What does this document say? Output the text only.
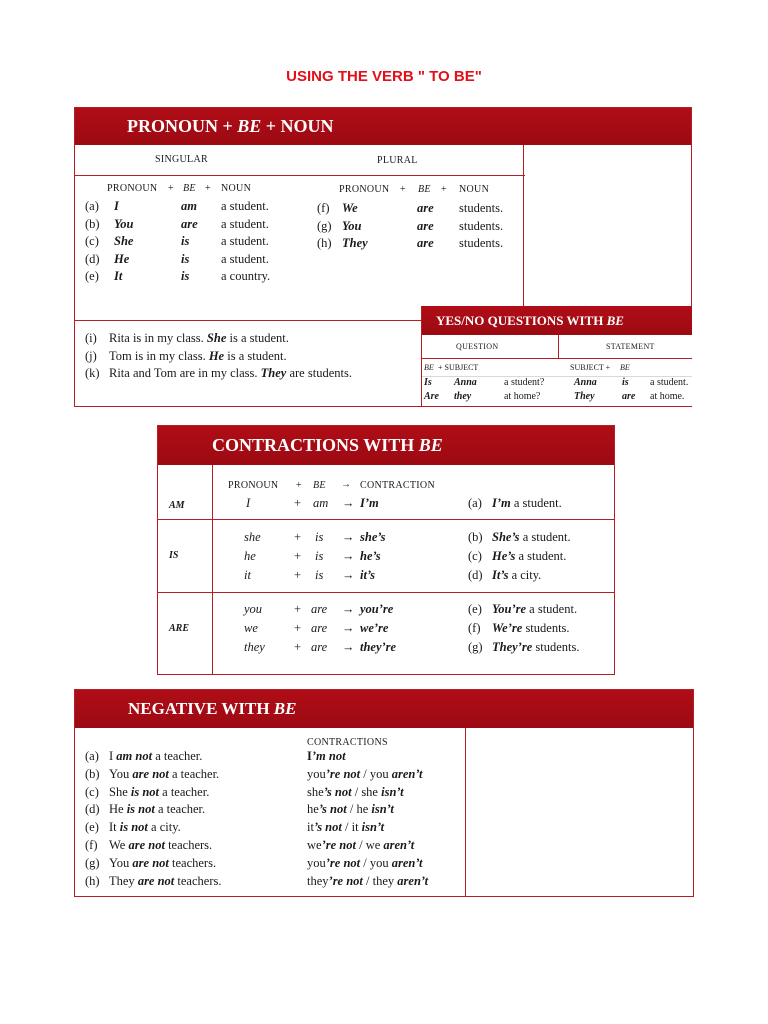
USING THE VERB " TO BE"
PRONOUN + BE + NOUN
SINGULAR	PLURAL
PRONOUN + BE + NOUN	PRONOUN + BE + NOUN
(a) I	am a student.
(b) You	are a student.
(c) She	is	a student.
(d) He	is	a student.
(e) It	is	a country.
(f) We	are students.
(g) You	are students.
(h) They	are students.
(i) Rita is in my class. She is a student.
(j) Tom is in my class. He is a student.
(k) Rita and Tom are in my class. They are students.
YES/NO QUESTIONS WITH BE
QUESTION	STATEMENT
BE + SUBJECT	SUBJECT + BE
Is Anna	a student?	Anna	is a student.
Are they	at home?	They	are at home.
CONTRACTIONS WITH BE
PRONOUN + BE → CONTRACTION
AM	I	+ am → I’m	(a) I’m a student.
IS
she	+ is → she’s	(b) She’s a student.
he	+ is → he’s	(c) He’s a student.
it	+ is → it’s	(d) It’s a city.
ARE
you	+ are → you’re	(e) You’re a student.
we	+ are → we’re	(f) We’re students.
they + are → they’re	(g) They’re students.
NEGATIVE WITH BE
CONTRACTIONS
(a) I am not a teacher.	I’m not
(b) You are not a teacher.	you’re not / you aren’t
(c) She is not a teacher.	she’s not / she isn’t
(d) He is not a teacher.	he’s not / he isn’t
(e) It is not a city.	it’s not / it isn’t
(f) We are not teachers.	we’re not / we aren’t
(g) You are not teachers.	you’re not / you aren’t
(h) They are not teachers.	they’re not / they aren’t
